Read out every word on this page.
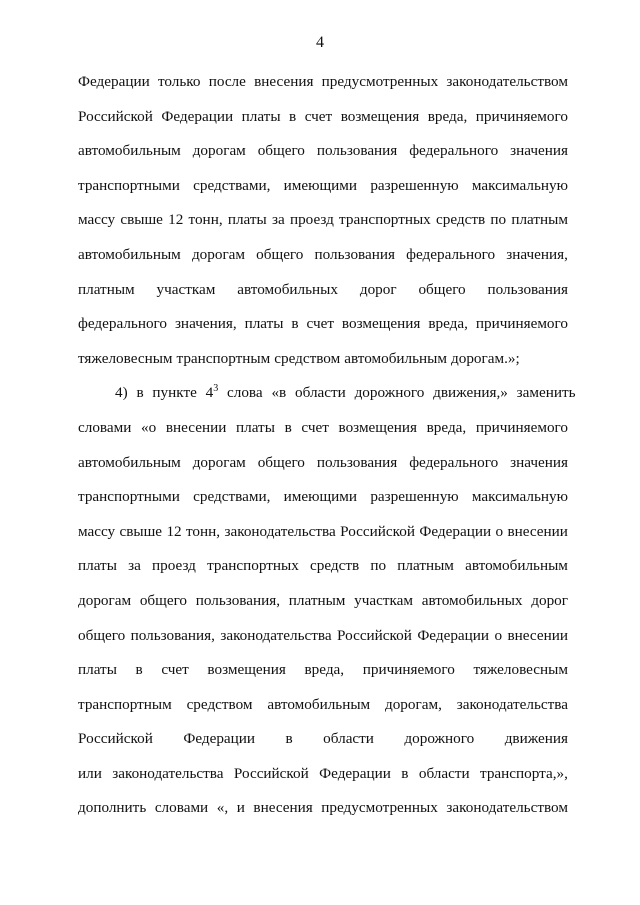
4
Федерации только после внесения предусмотренных законодательством
Российской Федерации платы в счет возмещения вреда, причиняемого
автомобильным дорогам общего пользования федерального значения
транспортными средствами, имеющими разрешенную максимальную
массу свыше 12 тонн, платы за проезд транспортных средств по платным
автомобильным дорогам общего пользования федерального значения,
платным участкам автомобильных дорог общего пользования
федерального значения, платы в счет возмещения вреда, причиняемого
тяжеловесным транспортным средством автомобильным дорогам.»;
4) в пункте $4^3$ слова «в области дорожного движения,» заменить
словами «о внесении платы в счет возмещения вреда, причиняемого
автомобильным дорогам общего пользования федерального значения
транспортными средствами, имеющими разрешенную максимальную
массу свыше 12 тонн, законодательства Российской Федерации о внесении
платы за проезд транспортных средств по платным автомобильным
дорогам общего пользования, платным участкам автомобильных дорог
общего пользования, законодательства Российской Федерации о внесении
платы в счет возмещения вреда, причиняемого тяжеловесным
транспортным средством автомобильным дорогам, законодательства
Российской Федерации в области дорожного движения
или законодательства Российской Федерации в области транспорта,»,
дополнить словами «, и внесения предусмотренных законодательством
